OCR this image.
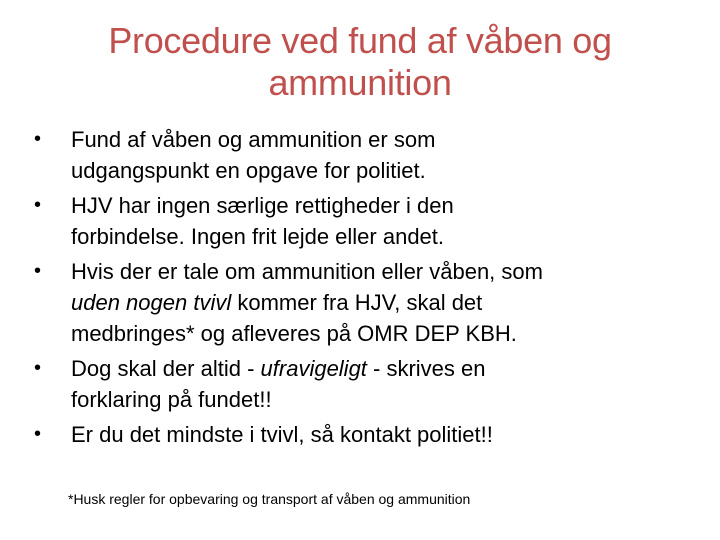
Procedure ved fund af våben og
ammunition
•	Fund af våben og ammunition er som
udgangspunkt en opgave for politiet.
•	HJV har ingen særlige rettigheder i den
forbindelse. Ingen frit lejde eller andet.
•	Hvis der er tale om ammunition eller våben, som
uden nogen tvivl kommer fra HJV, skal det
medbringes* og afleveres på OMR DEP KBH.
•	Dog skal der altid - ufravigeligt - skrives en
forklaring på fundet!!
•	Er du det mindste i tvivl, så kontakt politiet!!
*Husk regler for opbevaring og transport af våben og ammunition
